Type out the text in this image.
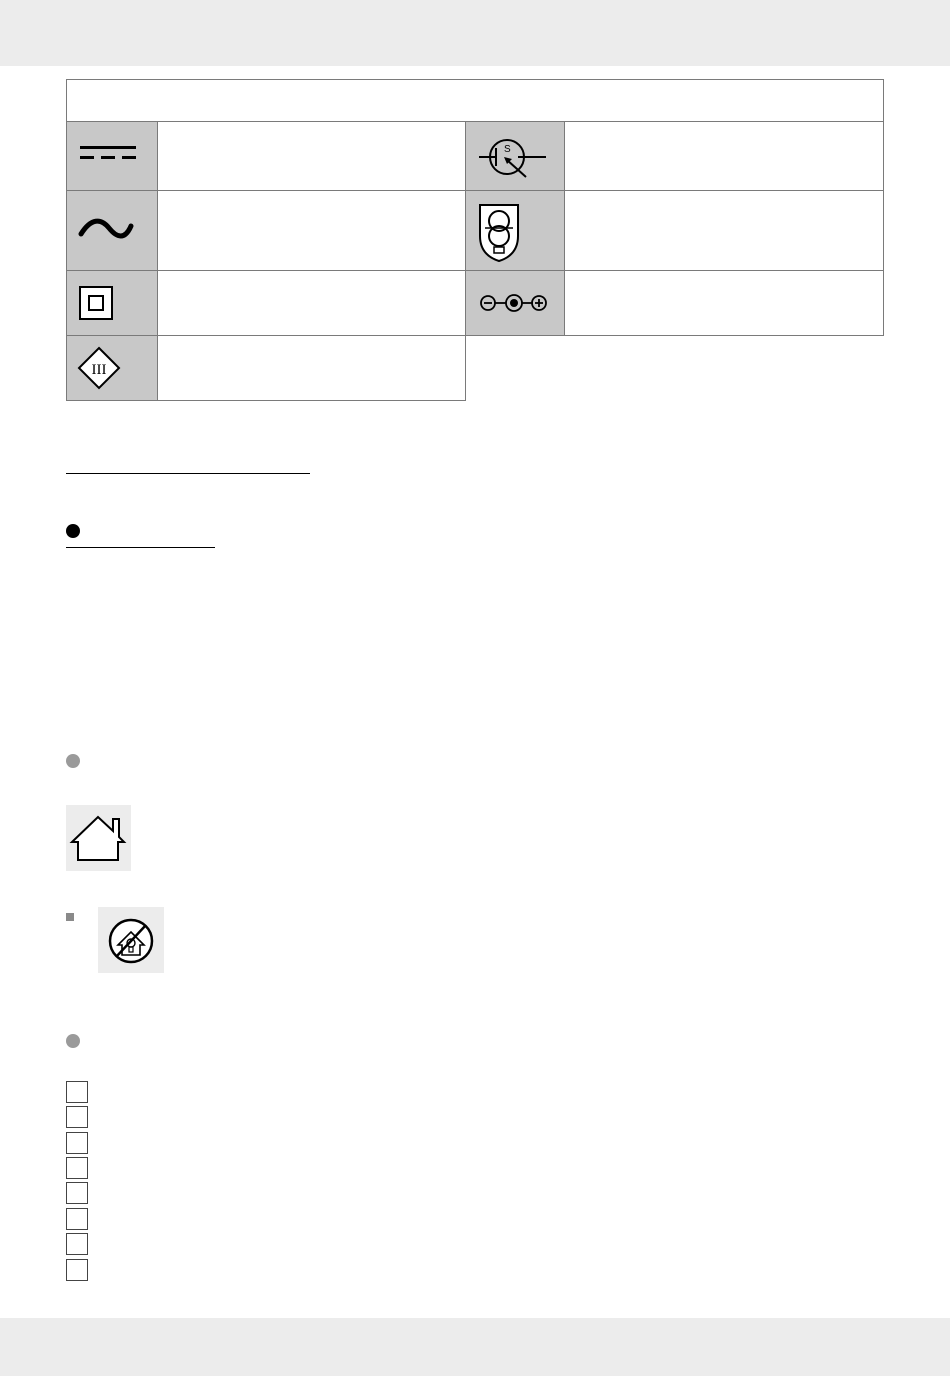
S
III
